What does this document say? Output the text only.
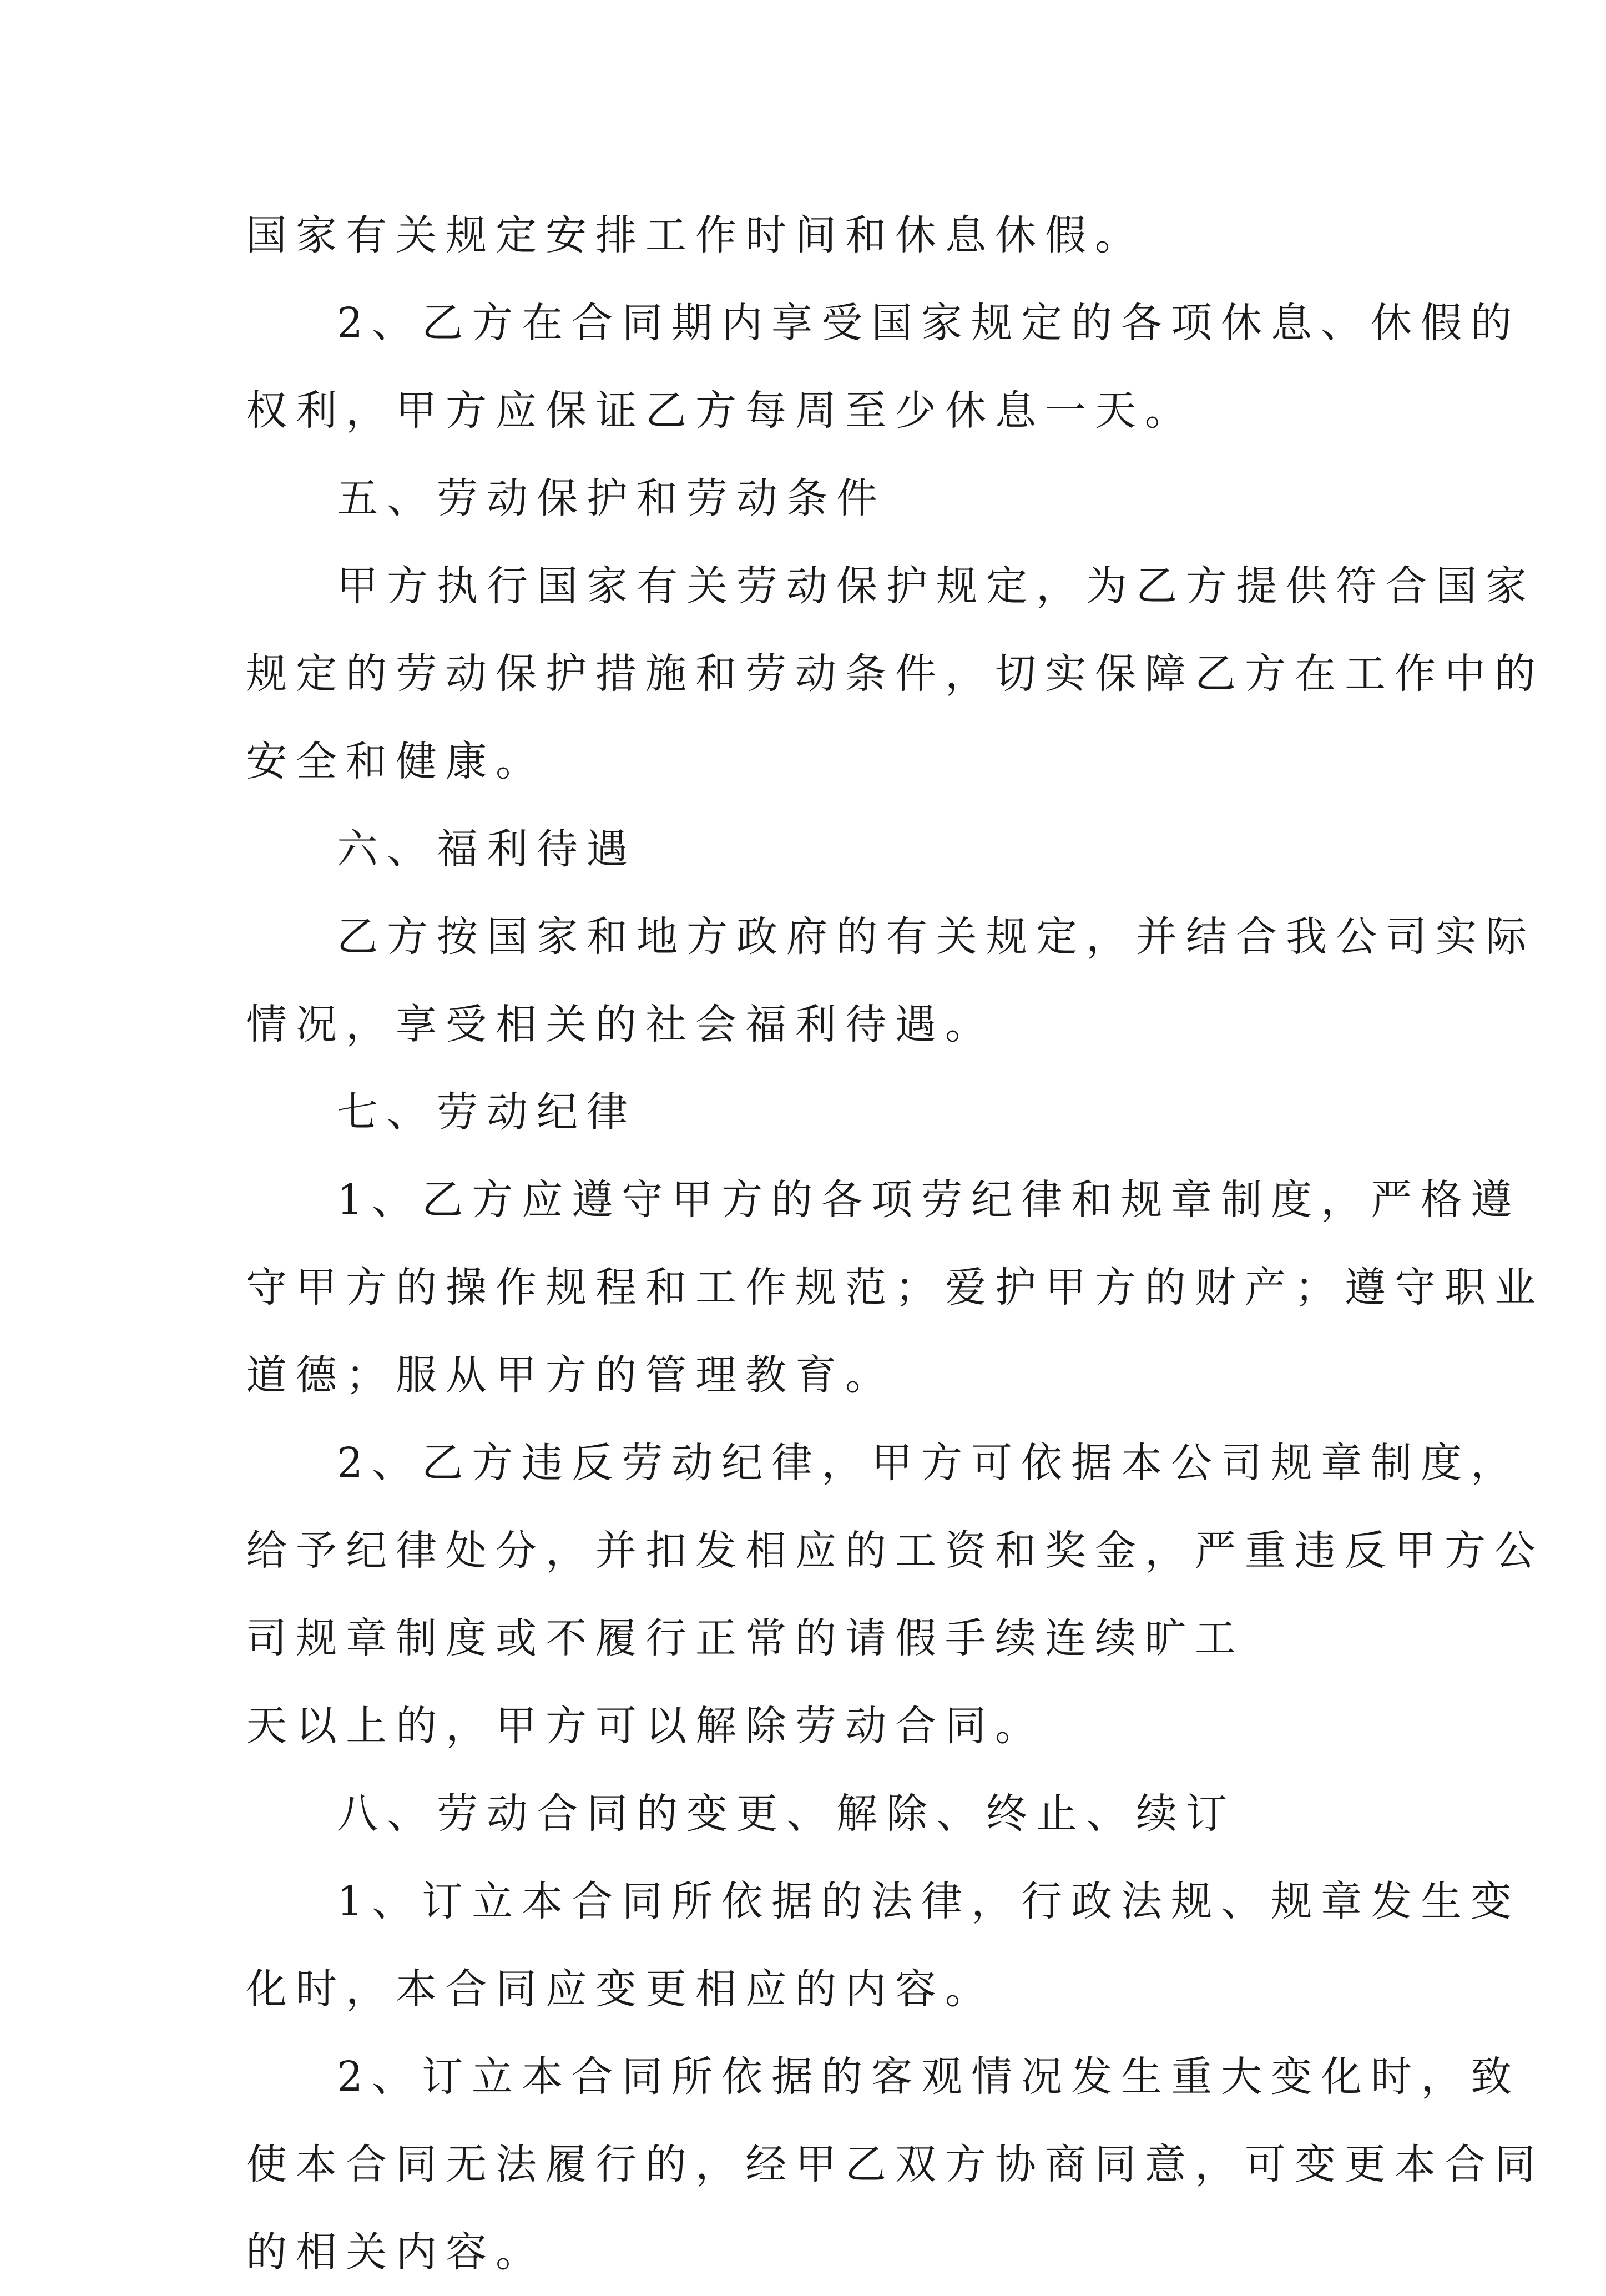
国家有关规定安排工作时间和休息休假。
2、乙方在合同期内享受国家规定的各项休息、休假的
权利，甲方应保证乙方每周至少休息一天。
五、劳动保护和劳动条件
甲方执行国家有关劳动保护规定，为乙方提供符合国家
规定的劳动保护措施和劳动条件，切实保障乙方在工作中的
安全和健康。
六、福利待遇
乙方按国家和地方政府的有关规定，并结合我公司实际
情况，享受相关的社会福利待遇。
七、劳动纪律
1、乙方应遵守甲方的各项劳纪律和规章制度，严格遵
守甲方的操作规程和工作规范；爱护甲方的财产；遵守职业
道德；服从甲方的管理教育。
2、乙方违反劳动纪律，甲方可依据本公司规章制度，
给予纪律处分，并扣发相应的工资和奖金，严重违反甲方公
司规章制度或不履行正常的请假手续连续旷工
天以上的，甲方可以解除劳动合同。
八、劳动合同的变更、解除、终止、续订
1、订立本合同所依据的法律，行政法规、规章发生变
化时，本合同应变更相应的内容。
2、订立本合同所依据的客观情况发生重大变化时，致
使本合同无法履行的，经甲乙双方协商同意，可变更本合同
的相关内容。
